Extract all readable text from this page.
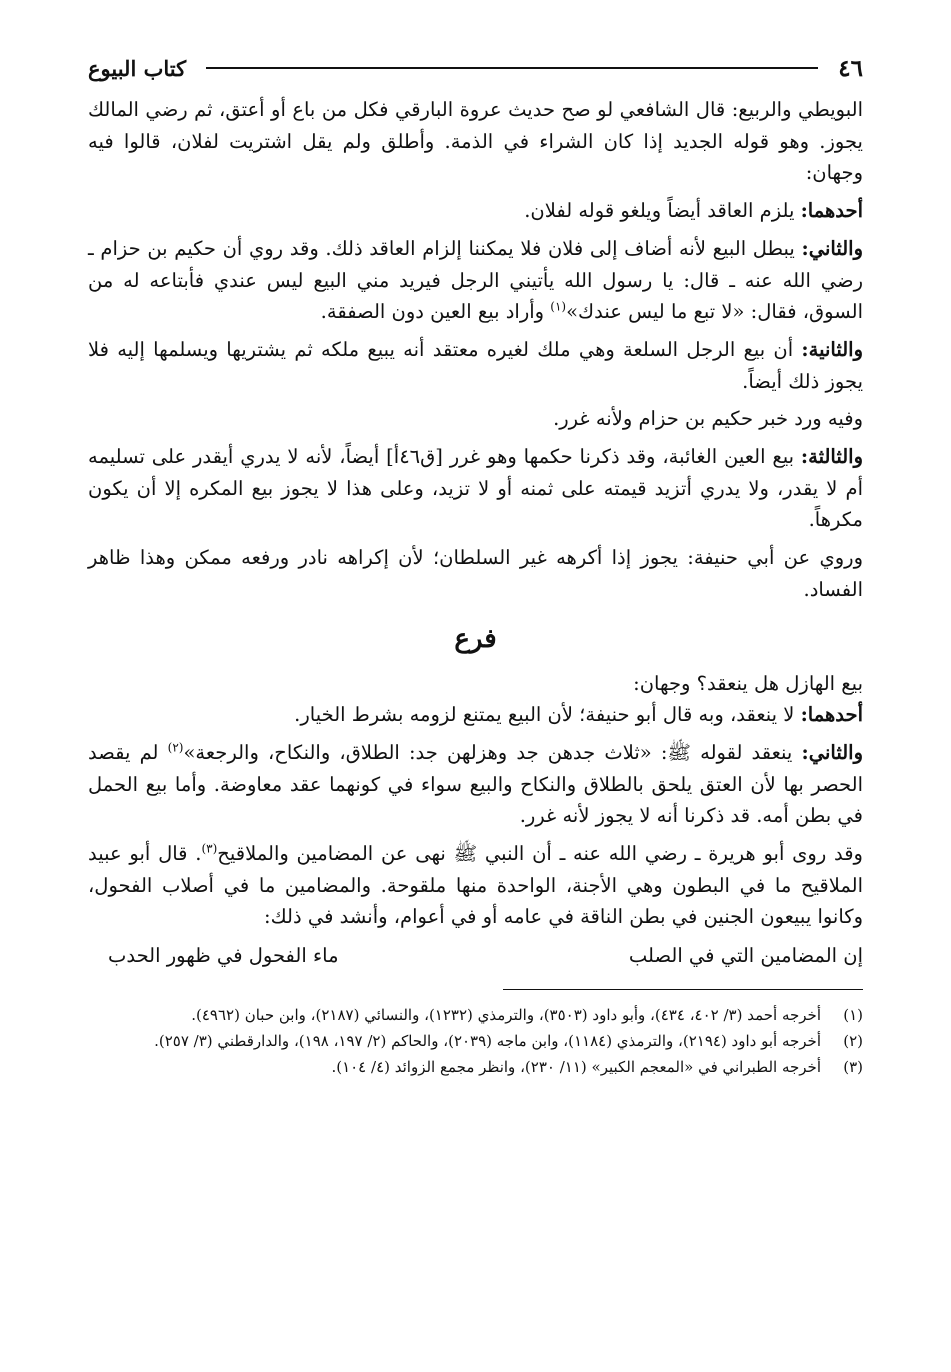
٤٦
كتاب البيوع

البويطي والربيع: قال الشافعي لو صح حديث عروة البارقي فكل من باع أو أعتق، ثم رضي المالك يجوز. وهو قوله الجديد إذا كان الشراء في الذمة. وأطلق ولم يقل اشتريت لفلان، قالوا فيه وجهان:

أحدهما: يلزم العاقد أيضاً ويلغو قوله لفلان.

والثاني: يبطل البيع لأنه أضاف إلى فلان فلا يمكننا إلزام العاقد ذلك. وقد روي أن حكيم بن حزام ـ رضي الله عنه ـ قال: يا رسول الله يأتيني الرجل فيريد مني البيع ليس عندي فأبتاعه له من السوق، فقال: «لا تبع ما ليس عندك»$^{(١)}$ وأراد بيع العين دون الصفقة.

والثانية: أن بيع الرجل السلعة وهي ملك لغيره معتقد أنه يبيع ملكه ثم يشتريها ويسلمها إليه فلا يجوز ذلك أيضاً.

وفيه ورد خبر حكيم بن حزام ولأنه غرر.

والثالثة: بيع العين الغائبة، وقد ذكرنا حكمها وهو غرر [ق٤٦أ] أيضاً، لأنه لا يدري أيقدر على تسليمه أم لا يقدر، ولا يدري أتزيد قيمته على ثمنه أو لا تزيد، وعلى هذا لا يجوز بيع المكره إلا أن يكون مكرهاً.

وروي عن أبي حنيفة: يجوز إذا أكرهه غير السلطان؛ لأن إكراهه نادر ورفعه ممكن وهذا ظاهر الفساد.

فرع

بيع الهازل هل ينعقد؟ وجهان:

أحدهما: لا ينعقد، وبه قال أبو حنيفة؛ لأن البيع يمتنع لزومه بشرط الخيار.

والثاني: ينعقد لقوله ﷺ: «ثلاث جدهن جد وهزلهن جد: الطلاق، والنكاح، والرجعة»$^{(٢)}$ لم يقصد الحصر بها لأن العتق يلحق بالطلاق والنكاح والبيع سواء في كونهما عقد معاوضة. وأما بيع الحمل في بطن أمه. قد ذكرنا أنه لا يجوز لأنه غرر.

وقد روى أبو هريرة ـ رضي الله عنه ـ أن النبي ﷺ نهى عن المضامين والملاقيح$^{(٣)}$. قال أبو عبيد الملاقيح ما في البطون وهي الأجنة، الواحدة منها ملقوحة. والمضامين ما في أصلاب الفحول، وكانوا يبيعون الجنين في بطن الناقة في عامه أو في أعوام، وأنشد في ذلك:

إن المضامين التي في الصلب
ماء الفحول في ظهور الحدب
(١)
أخرجه أحمد (٣/ ٤٠٢، ٤٣٤)، وأبو داود (٣٥٠٣)، والترمذي (١٢٣٢)، والنسائي (٢١٨٧)، وابن حبان (٤٩٦٢).
(٢)
أخرجه أبو داود (٢١٩٤)، والترمذي (١١٨٤)، وابن ماجه (٢٠٣٩)، والحاكم (٢/ ١٩٧، ١٩٨)، والدارقطني (٣/ ٢٥٧).
(٣)
أخرجه الطبراني في «المعجم الكبير» (١١/ ٢٣٠)، وانظر مجمع الزوائد (٤/ ١٠٤).
